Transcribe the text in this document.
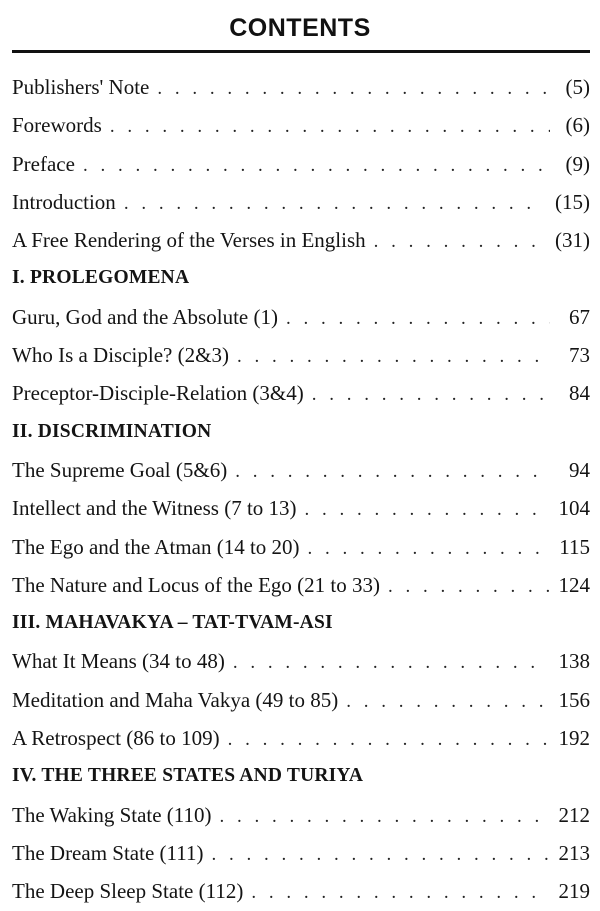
CONTENTS
Publishers' Note . . .	(5)
Forewords . . .	(6)
Preface . . .	(9)
Introduction . . .	(15)
A Free Rendering of the Verses in English . . .	(31)
I. PROLEGOMENA
Guru, God and the Absolute (1) . . .	67
Who Is a Disciple? (2&3) . . .	73
Preceptor-Disciple-Relation (3&4) . . .	84
II. DISCRIMINATION
The Supreme Goal (5&6) . . .	94
Intellect and the Witness (7 to 13) . . .	104
The Ego and the Atman (14 to 20) . . .	115
The Nature and Locus of the Ego (21 to 33) . . .	124
III. MAHAVAKYA – TAT-TVAM-ASI
What It Means (34 to 48) . . .	138
Meditation and Maha Vakya (49 to 85) . . .	156
A Retrospect (86 to 109) . . .	192
IV. THE THREE STATES AND TURIYA
The Waking State (110) . . .	212
The Dream State (111) . . .	213
The Deep Sleep State (112) . . .	219
